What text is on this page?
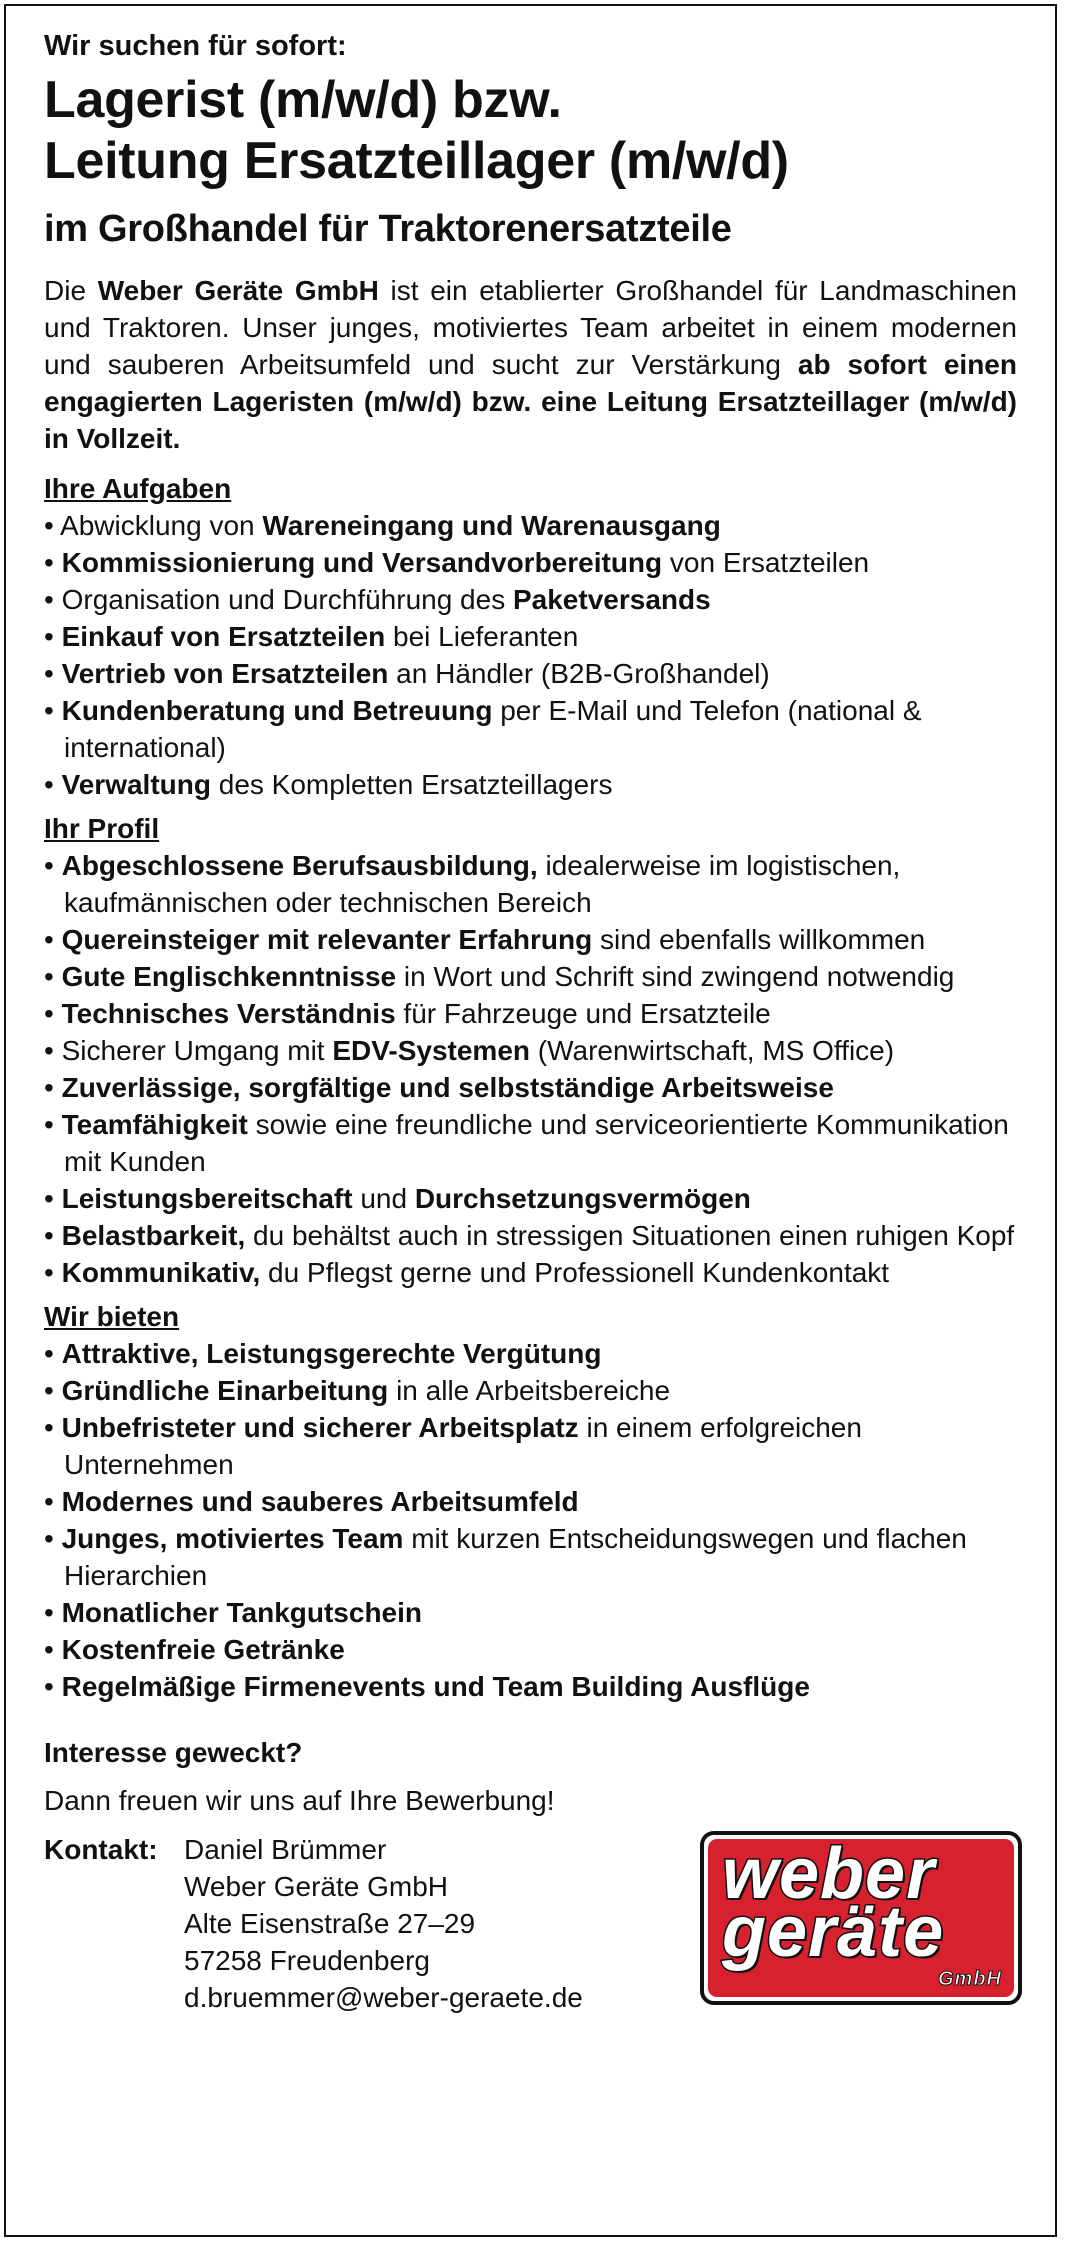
Wir suchen für sofort:

Lagerist (m/w/d) bzw.
Leitung Ersatzteillager (m/w/d)
im Großhandel für Traktorenersatzteile

Die Weber Geräte GmbH ist ein etablierter Großhandel für Landmaschinen und Traktoren. Unser junges, motiviertes Team arbeitet in einem modernen und sauberen Arbeitsumfeld und sucht zur Verstärkung ab sofort einen engagierten Lageristen (m/w/d) bzw. eine Leitung Ersatzteillager (m/w/d) in Vollzeit.

Ihre Aufgaben

• Abwicklung von Wareneingang und Warenausgang
• Kommissionierung und Versandvorbereitung von Ersatzteilen
• Organisation und Durchführung des Paketversands
• Einkauf von Ersatzteilen bei Lieferanten
• Vertrieb von Ersatzteilen an Händler (B2B-Großhandel)
• Kundenberatung und Betreuung per E-Mail und Telefon (national & international)
• Verwaltung des Kompletten Ersatzteillagers

Ihr Profil

• Abgeschlossene Berufsausbildung, idealerweise im logistischen, kaufmännischen oder technischen Bereich
• Quereinsteiger mit relevanter Erfahrung sind ebenfalls willkommen
• Gute Englischkenntnisse in Wort und Schrift sind zwingend notwendig
• Technisches Verständnis für Fahrzeuge und Ersatzteile
• Sicherer Umgang mit EDV-Systemen (Warenwirtschaft, MS Office)
• Zuverlässige, sorgfältige und selbstständige Arbeitsweise
• Teamfähigkeit sowie eine freundliche und serviceorientierte Kommunikation mit Kunden
• Leistungsbereitschaft und Durchsetzungsvermögen
• Belastbarkeit, du behältst auch in stressigen Situationen einen ruhigen Kopf
• Kommunikativ, du Pflegst gerne und Professionell Kundenkontakt

Wir bieten

• Attraktive, Leistungsgerechte Vergütung
• Gründliche Einarbeitung in alle Arbeitsbereiche
• Unbefristeter und sicherer Arbeitsplatz in einem erfolgreichen Unternehmen
• Modernes und sauberes Arbeitsumfeld
• Junges, motiviertes Team mit kurzen Entscheidungswegen und flachen Hierarchien
• Monatlicher Tankgutschein
• Kostenfreie Getränke
• Regelmäßige Firmenevents und Team Building Ausflüge

Interesse geweckt?

Dann freuen wir uns auf Ihre Bewerbung!

Kontakt: Daniel Brümmer
Weber Geräte GmbH
Alte Eisenstraße 27–29
57258 Freudenberg
d.bruemmer@weber-geraete.de
weber
geräte
GmbH
